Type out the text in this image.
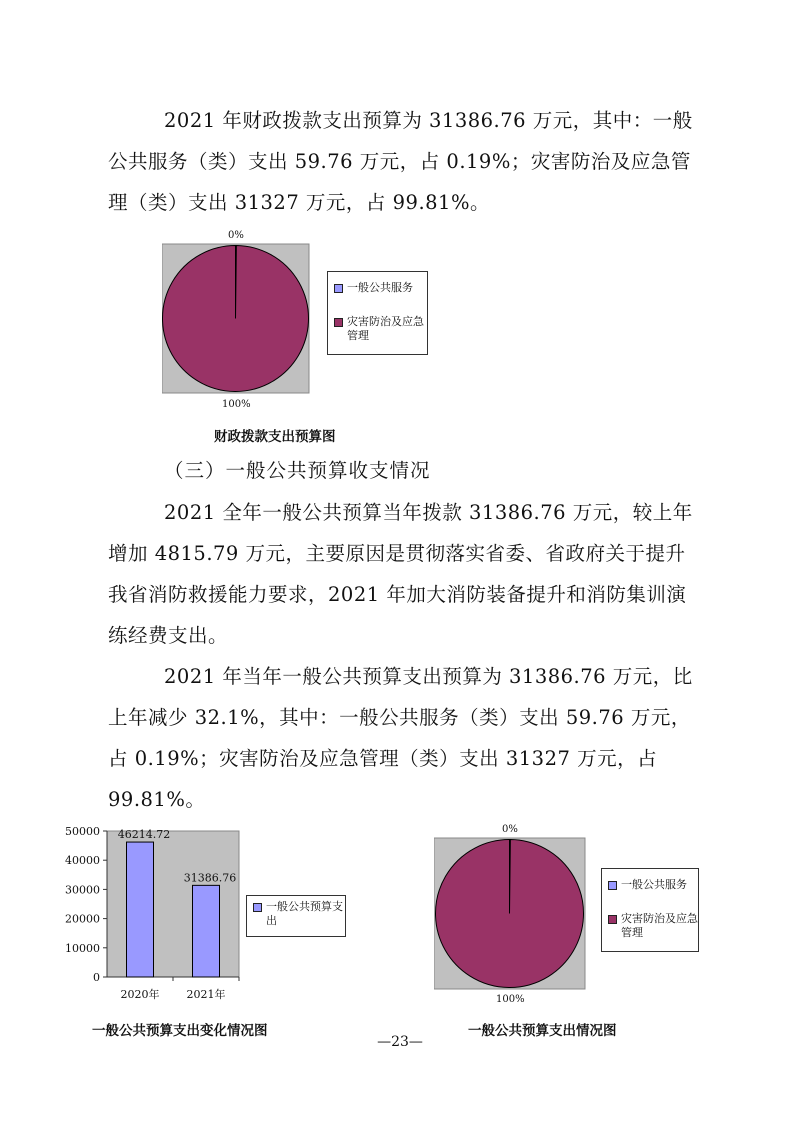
2021 年财政拨款支出预算为 31386.76 万元，其中：一般公共服务（类）支出 59.76 万元，占 0.19%；灾害防治及应急管理（类）支出 31327 万元，占 99.81%。

0%
100%
一般公共服务
灾害防治及应急管理
财政拨款支出预算图
（三）一般公共预算收支情况

2021 全年一般公共预算当年拨款 31386.76 万元，较上年增加 4815.79 万元，主要原因是贯彻落实省委、省政府关于提升我省消防救援能力要求，2021 年加大消防装备提升和消防集训演练经费支出。

2021 年当年一般公共预算支出预算为 31386.76 万元，比上年减少 32.1%，其中：一般公共服务（类）支出 59.76 万元，占 0.19%；灾害防治及应急管理（类）支出 31327 万元，占 99.81%。

0
10000
20000
30000
40000
50000 46214.72
31386.76
2020年 2021年
一般公共预算支出
一般公共预算支出变化情况图
0%
100%
一般公共服务
灾害防治及应急管理
一般公共预算支出情况图
—23—
